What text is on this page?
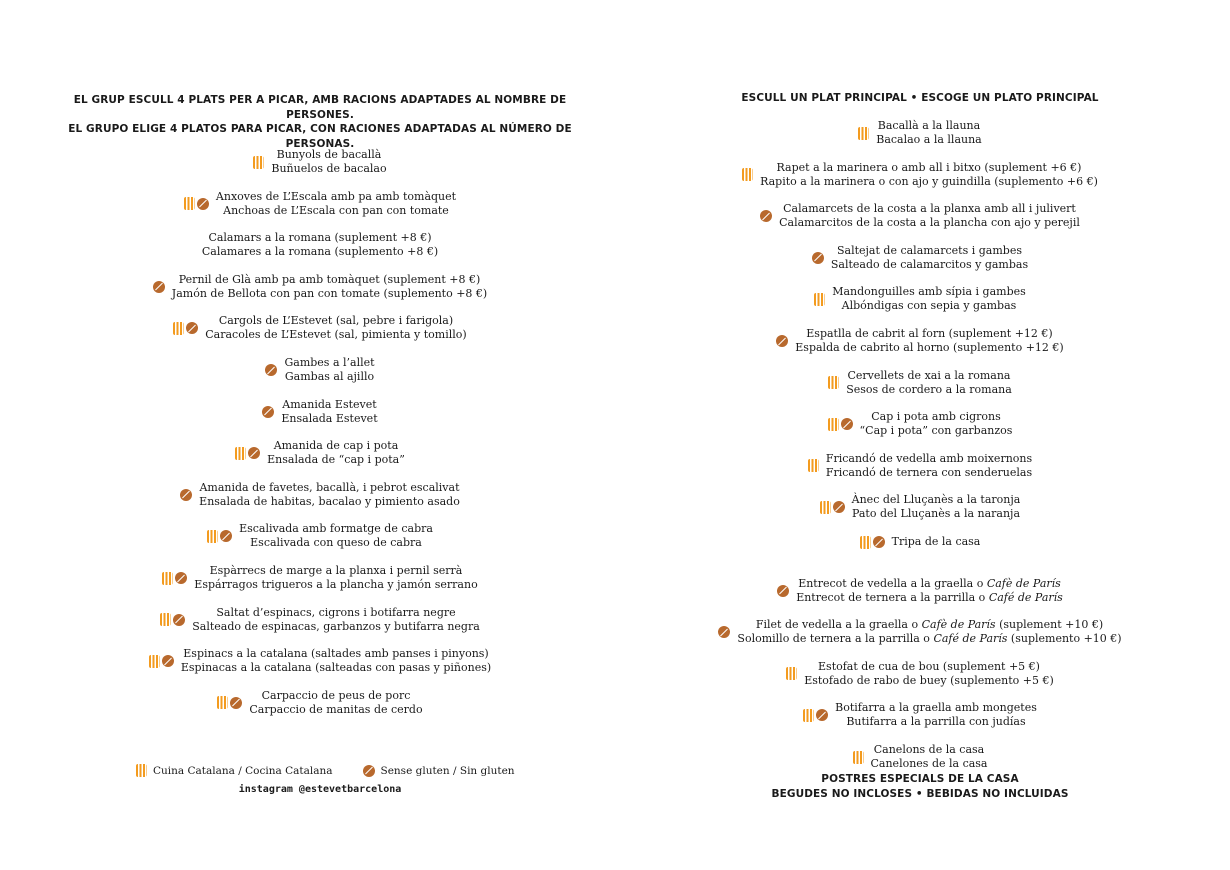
EL GRUP ESCULL 4 PLATS PER A PICAR, AMB RACIONS ADAPTADES AL NOMBRE DE PERSONES.
EL GRUPO ELIGE 4 PLATOS PARA PICAR, CON RACIONES ADAPTADAS AL NÚMERO DE PERSONAS.
Bunyols de bacallà
Buñuelos de bacalao
Anxoves de L’Escala amb pa amb tomàquet
Anchoas de L’Escala con pan con tomate
Calamars a la romana (suplement +8 €)
Calamares a la romana (suplemento +8 €)
Pernil de Glà amb pa amb tomàquet (suplement +8 €)
Jamón de Bellota con pan con tomate (suplemento +8 €)
Cargols de L’Estevet (sal, pebre i farigola)
Caracoles de L’Estevet (sal, pimienta y tomillo)
Gambes a l’allet
Gambas al ajillo
Amanida Estevet
Ensalada Estevet
Amanida de cap i pota
Ensalada de “cap i pota”
Amanida de favetes, bacallà, i pebrot escalivat
Ensalada de habitas, bacalao y pimiento asado
Escalivada amb formatge de cabra
Escalivada con queso de cabra
Espàrrecs de marge a la planxa i pernil serrà
Espárragos trigueros a la plancha y jamón serrano
Saltat d’espinacs, cigrons i botifarra negre
Salteado de espinacas, garbanzos y butifarra negra
Espinacs a la catalana (saltades amb panses i pinyons)
Espinacas a la catalana (salteadas con pasas y piñones)
Carpaccio de peus de porc
Carpaccio de manitas de cerdo
instagram @estevetbarcelona
Cuina Catalana / Cocina Catalana	Sense gluten / Sin gluten
ESCULL UN PLAT PRINCIPAL • ESCOGE UN PLATO PRINCIPAL
Bacallà a la llauna
Bacalao a la llauna
Rapet a la marinera o amb all i bitxo (suplement +6 €)
Rapito a la marinera o con ajo y guindilla (suplemento +6 €)
Calamarcets de la costa a la planxa amb all i julivert
Calamarcitos de la costa a la plancha con ajo y perejil
Saltejat de calamarcets i gambes
Salteado de calamarcitos y gambas
Mandonguilles amb sípia i gambes
Albóndigas con sepia y gambas
Espatlla de cabrit al forn (suplement +12 €)
Espalda de cabrito al horno (suplemento +12 €)
Cervellets de xai a la romana
Sesos de cordero a la romana
Cap i pota amb cigrons
“Cap i pota” con garbanzos
Fricandó de vedella amb moixernons
Fricandó de ternera con senderuelas
Ànec del Lluçanès a la taronja
Pato del Lluçanès a la naranja
Tripa de la casa
Entrecot de vedella a la graella o Cafè de París
Entrecot de ternera a la parrilla o Café de París
Filet de vedella a la graella o Cafè de París (suplement +10 €)
Solomillo de ternera a la parrilla o Café de París (suplemento +10 €)
Estofat de cua de bou (suplement +5 €)
Estofado de rabo de buey (suplemento +5 €)
Botifarra a la graella amb mongetes
Butifarra a la parrilla con judías
Canelons de la casa
Canelones de la casa
POSTRES ESPECIALS DE LA CASA
BEGUDES NO INCLOSES • BEBIDAS NO INCLUIDAS
